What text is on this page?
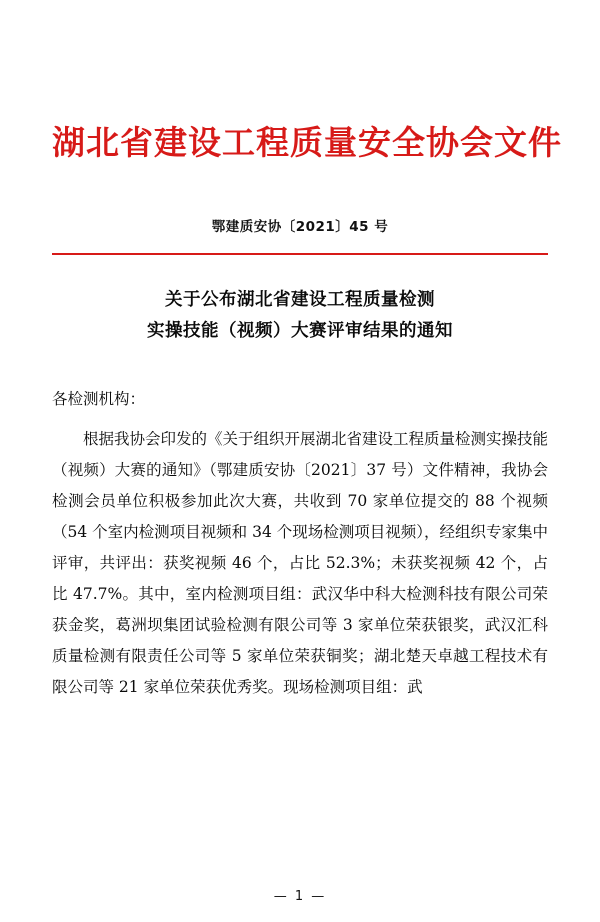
湖北省建设工程质量安全协会文件
鄂建质安协〔2021〕45 号
关于公布湖北省建设工程质量检测
实操技能（视频）大赛评审结果的通知
各检测机构：
根据我协会印发的《关于组织开展湖北省建设工程质量检测实操技能（视频）大赛的通知》（鄂建质安协〔2021〕37 号）文件精神，我协会检测会员单位积极参加此次大赛，共收到 70 家单位提交的 88 个视频（54 个室内检测项目视频和 34 个现场检测项目视频），经组织专家集中评审，共评出：获奖视频 46 个，占比 52.3%；未获奖视频 42 个，占比 47.7%。其中，室内检测项目组：武汉华中科大检测科技有限公司荣获金奖，葛洲坝集团试验检测有限公司等 3 家单位荣获银奖，武汉汇科质量检测有限责任公司等 5 家单位荣获铜奖；湖北楚天卓越工程技术有限公司等 21 家单位荣获优秀奖。现场检测项目组：武
— 1 —
